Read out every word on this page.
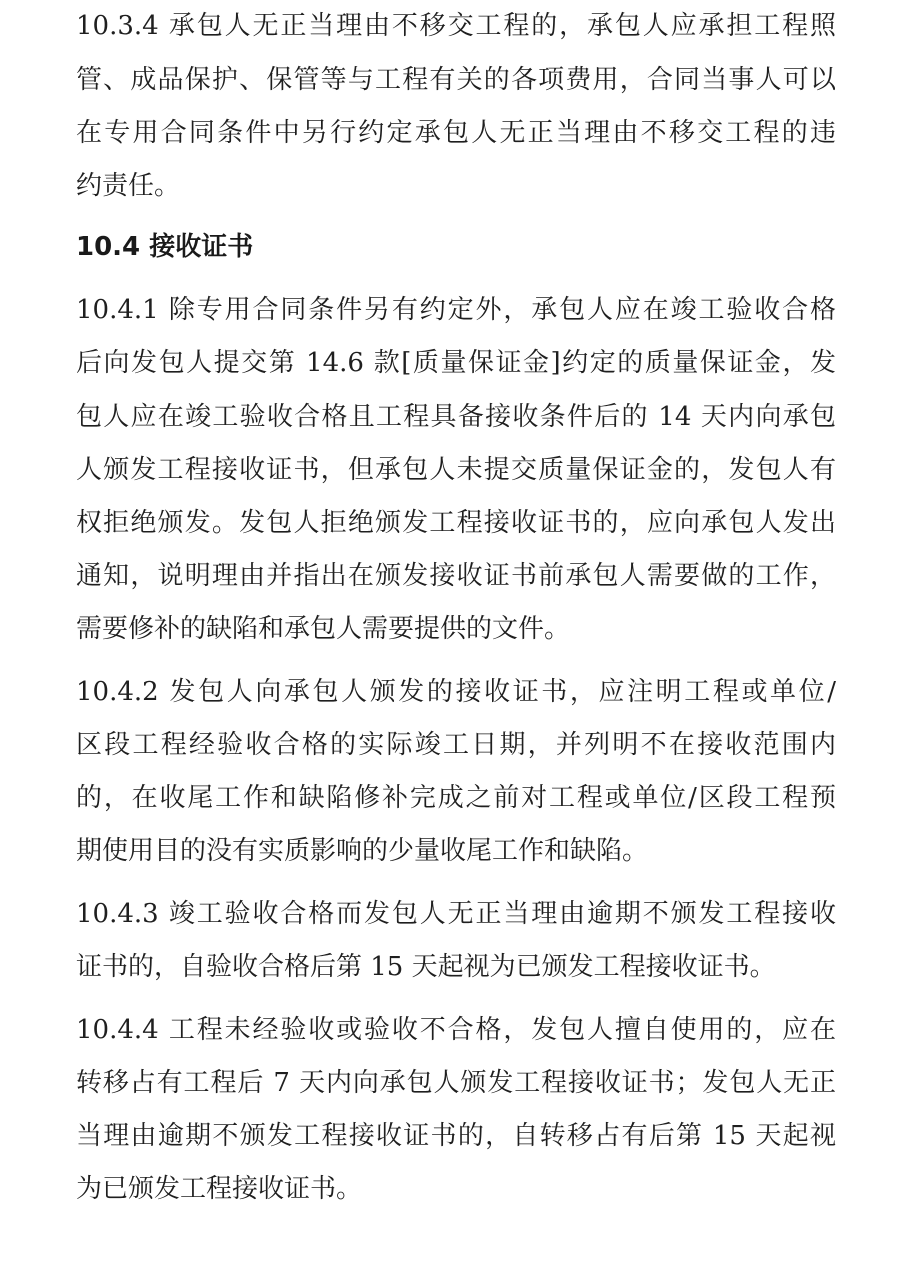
10.3.4 承包人无正当理由不移交工程的，承包人应承担工程照
管、成品保护、保管等与工程有关的各项费用，合同当事人可以
在专用合同条件中另行约定承包人无正当理由不移交工程的违
约责任。
10.4 接收证书
10.4.1 除专用合同条件另有约定外，承包人应在竣工验收合格
后向发包人提交第 14.6 款[质量保证金]约定的质量保证金，发
包人应在竣工验收合格且工程具备接收条件后的 14 天内向承包
人颁发工程接收证书，但承包人未提交质量保证金的，发包人有
权拒绝颁发。发包人拒绝颁发工程接收证书的，应向承包人发出
通知，说明理由并指出在颁发接收证书前承包人需要做的工作，
需要修补的缺陷和承包人需要提供的文件。
10.4.2 发包人向承包人颁发的接收证书，应注明工程或单位/
区段工程经验收合格的实际竣工日期，并列明不在接收范围内
的，在收尾工作和缺陷修补完成之前对工程或单位/区段工程预
期使用目的没有实质影响的少量收尾工作和缺陷。
10.4.3 竣工验收合格而发包人无正当理由逾期不颁发工程接收
证书的，自验收合格后第 15 天起视为已颁发工程接收证书。
10.4.4 工程未经验收或验收不合格，发包人擅自使用的，应在
转移占有工程后 7 天内向承包人颁发工程接收证书；发包人无正
当理由逾期不颁发工程接收证书的，自转移占有后第 15 天起视
为已颁发工程接收证书。
